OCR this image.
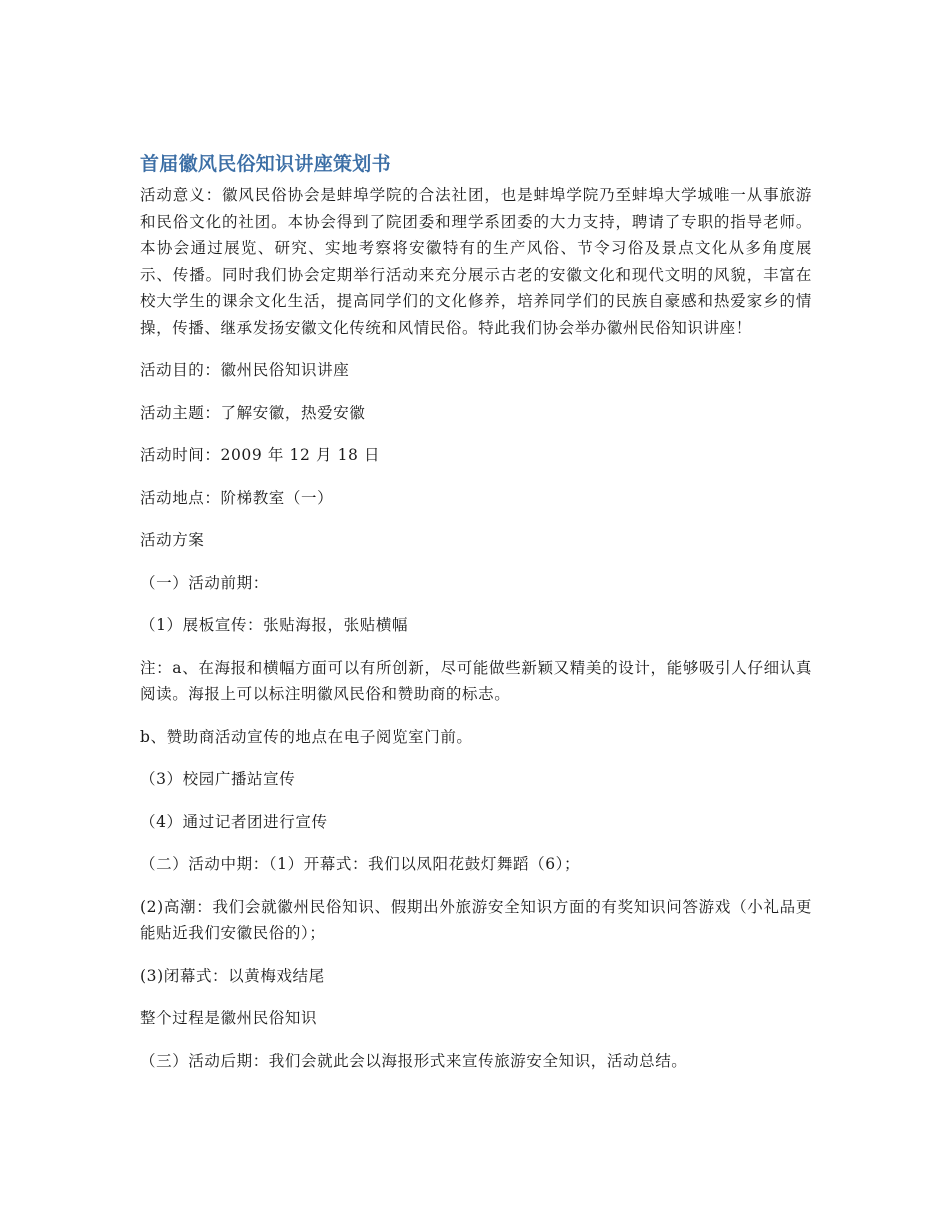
首届徽风民俗知识讲座策划书

活动意义：徽风民俗协会是蚌埠学院的合法社团，也是蚌埠学院乃至蚌埠大学城唯一从事旅游和民俗文化的社团。本协会得到了院团委和理学系团委的大力支持，聘请了专职的指导老师。本协会通过展览、研究、实地考察将安徽特有的生产风俗、节令习俗及景点文化从多角度展示、传播。同时我们协会定期举行活动来充分展示古老的安徽文化和现代文明的风貌，丰富在校大学生的课余文化生活，提高同学们的文化修养，培养同学们的民族自豪感和热爱家乡的情操，传播、继承发扬安徽文化传统和风情民俗。特此我们协会举办徽州民俗知识讲座！

活动目的：徽州民俗知识讲座

活动主题：了解安徽，热爱安徽

活动时间：2009 年 12 月 18 日

活动地点：阶梯教室（一）

活动方案

（一）活动前期：

（1）展板宣传：张贴海报，张贴横幅

注：a、在海报和横幅方面可以有所创新，尽可能做些新颖又精美的设计，能够吸引人仔细认真阅读。海报上可以标注明徽风民俗和赞助商的标志。

b、赞助商活动宣传的地点在电子阅览室门前。

（3）校园广播站宣传

（4）通过记者团进行宣传

（二）活动中期：（1）开幕式：我们以凤阳花鼓灯舞蹈（6）；

(2)高潮：我们会就徽州民俗知识、假期出外旅游安全知识方面的有奖知识问答游戏（小礼品更能贴近我们安徽民俗的）；

(3)闭幕式：以黄梅戏结尾

整个过程是徽州民俗知识

（三）活动后期：我们会就此会以海报形式来宣传旅游安全知识，活动总结。
